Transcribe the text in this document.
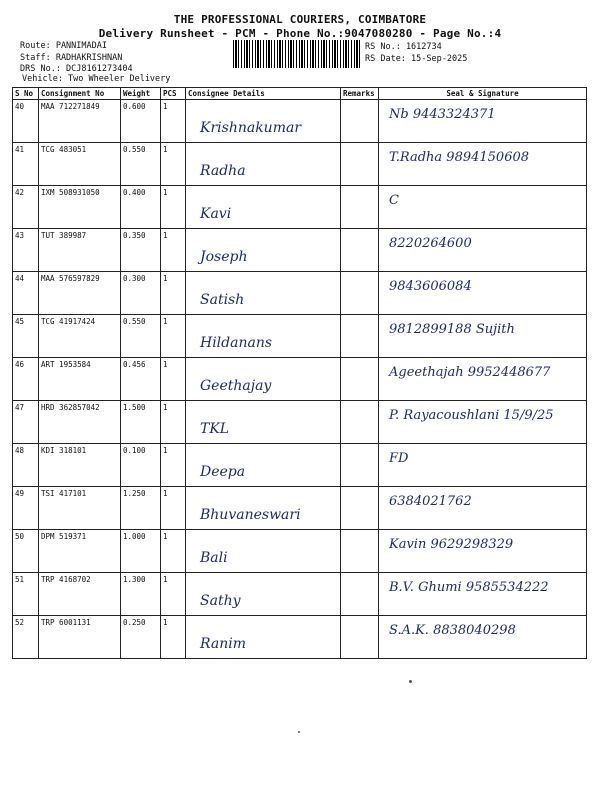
THE PROFESSIONAL COURIERS, COIMBATORE
Delivery Runsheet - PCM - Phone No.:9047080280 - Page No.:4
Route: PANNIMADAI
Staff: RADHAKRISHNAN
DRS No.: DCJ8161273404
Vehicle: Two Wheeler Delivery
RS No.: 1612734
RS Date: 15-Sep-2025
S No	Consignment No	Weight	PCS	Consignee Details	Remarks	Seal & Signature
40	MAA 712271849	0.600	1	Krishnakumar		Nb 9443324371

41	TCG 483051	0.550	1	Radha		T.Radha 9894150608

42	IXM 508931050	0.400	1	Kavi		C

43	TUT 389987	0.350	1	Joseph		8220264600

44	MAA 576597829	0.300	1	Satish		9843606084

45	TCG 41917424	0.550	1	Hildanans		9812899188 Sujith

46	ART 1953584	0.456	1	Geethajay		Ageethajah 9952448677

47	HRD 362857042	1.500	1	TKL		P. Rayacoushlani 15/9/25

48	KDI 318101	0.100	1	Deepa		FD

49	TSI 417101	1.250	1	Bhuvaneswari		6384021762

50	DPM 519371	1.000	1	Bali		Kavin 9629298329

51	TRP 4168702	1.300	1	Sathy		B.V. Ghumi 9585534222

52	TRP 6001131	0.250	1	Ranim		S.A.K. 8838040298
